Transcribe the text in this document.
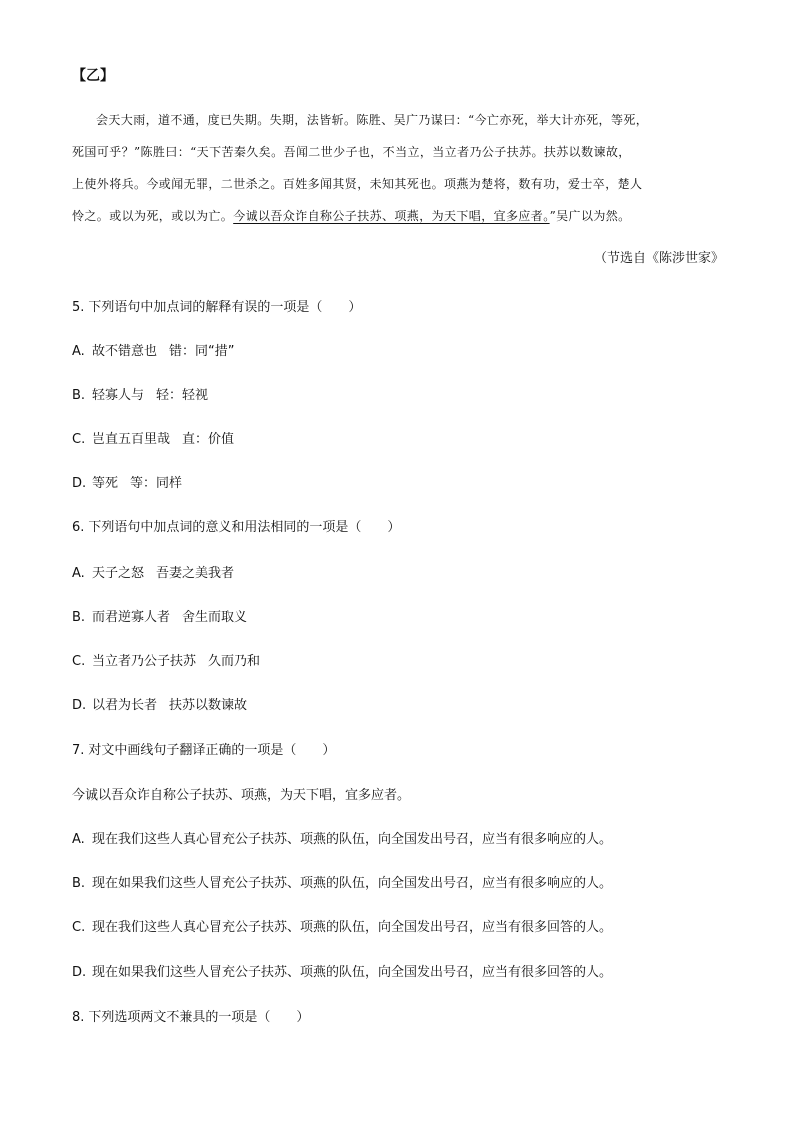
【乙】
会天大雨，道不通，度已失期。失期，法皆斩。陈胜、吴广乃谋曰：“今亡亦死，举大计亦死，等死，
死国可乎？”陈胜曰：“天下苦秦久矣。吾闻二世少子也，不当立，当立者乃公子扶苏。扶苏以数谏故，
上使外将兵。今或闻无罪，二世杀之。百姓多闻其贤，未知其死也。项燕为楚将，数有功，爱士卒，楚人
怜之。或以为死，或以为亡。今诚以吾众诈自称公子扶苏、项燕，为天下唱，宜多应者。”吴广以为然。
（节选自《陈涉世家》
5. 下列语句中加点词的解释有误的一项是（　　）
A. 故不错意也 错：同“措”
B. 轻寡人与 轻：轻视
C. 岂直五百里哉 直：价值
D. 等死 等：同样
6. 下列语句中加点词的意义和用法相同的一项是（　　）
A. 天子之怒 吾妻之美我者
B. 而君逆寡人者 舍生而取义
C. 当立者乃公子扶苏 久而乃和
D. 以君为长者 扶苏以数谏故
7. 对文中画线句子翻译正确的一项是（　　）
今诚以吾众诈自称公子扶苏、项燕，为天下唱，宜多应者。
A. 现在我们这些人真心冒充公子扶苏、项燕的队伍，向全国发出号召，应当有很多响应的人。
B. 现在如果我们这些人冒充公子扶苏、项燕的队伍，向全国发出号召，应当有很多响应的人。
C. 现在我们这些人真心冒充公子扶苏、项燕的队伍，向全国发出号召，应当有很多回答的人。
D. 现在如果我们这些人冒充公子扶苏、项燕的队伍，向全国发出号召，应当有很多回答的人。
8. 下列选项两文不兼具的一项是（　　）
